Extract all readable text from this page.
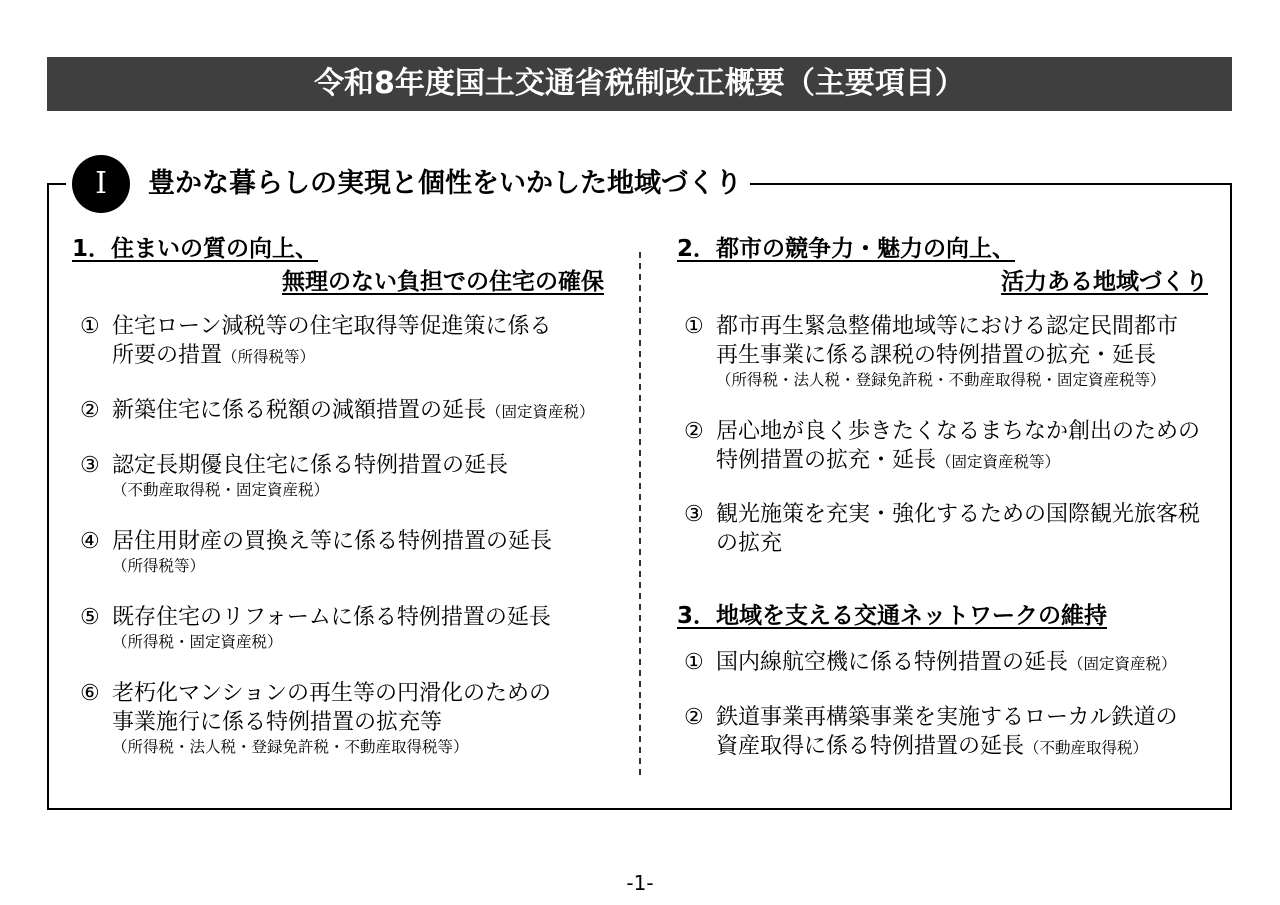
令和8年度国土交通省税制改正概要（主要項目）
Ⅰ	豊かな暮らしの実現と個性をいかした地域づくり
1．住まいの質の向上、
無理のない負担での住宅の確保
① 住宅ローン減税等の住宅取得等促進策に係る
所要の措置（所得税等）
② 新築住宅に係る税額の減額措置の延長（固定資産税）
③ 認定長期優良住宅に係る特例措置の延長
（不動産取得税・固定資産税）
④ 居住用財産の買換え等に係る特例措置の延長
（所得税等）
⑤ 既存住宅のリフォームに係る特例措置の延長
（所得税・固定資産税）
⑥ 老朽化マンションの再生等の円滑化のための
事業施行に係る特例措置の拡充等
（所得税・法人税・登録免許税・不動産取得税等）
2．都市の競争力・魅力の向上、
活力ある地域づくり
① 都市再生緊急整備地域等における認定民間都市
再生事業に係る課税の特例措置の拡充・延長
（所得税・法人税・登録免許税・不動産取得税・固定資産税等）
② 居心地が良く歩きたくなるまちなか創出のための
特例措置の拡充・延長（固定資産税等）
③ 観光施策を充実・強化するための国際観光旅客税
の拡充
3．地域を支える交通ネットワークの維持
① 国内線航空機に係る特例措置の延長（固定資産税）
② 鉄道事業再構築事業を実施するローカル鉄道の
資産取得に係る特例措置の延長（不動産取得税）
-1-
